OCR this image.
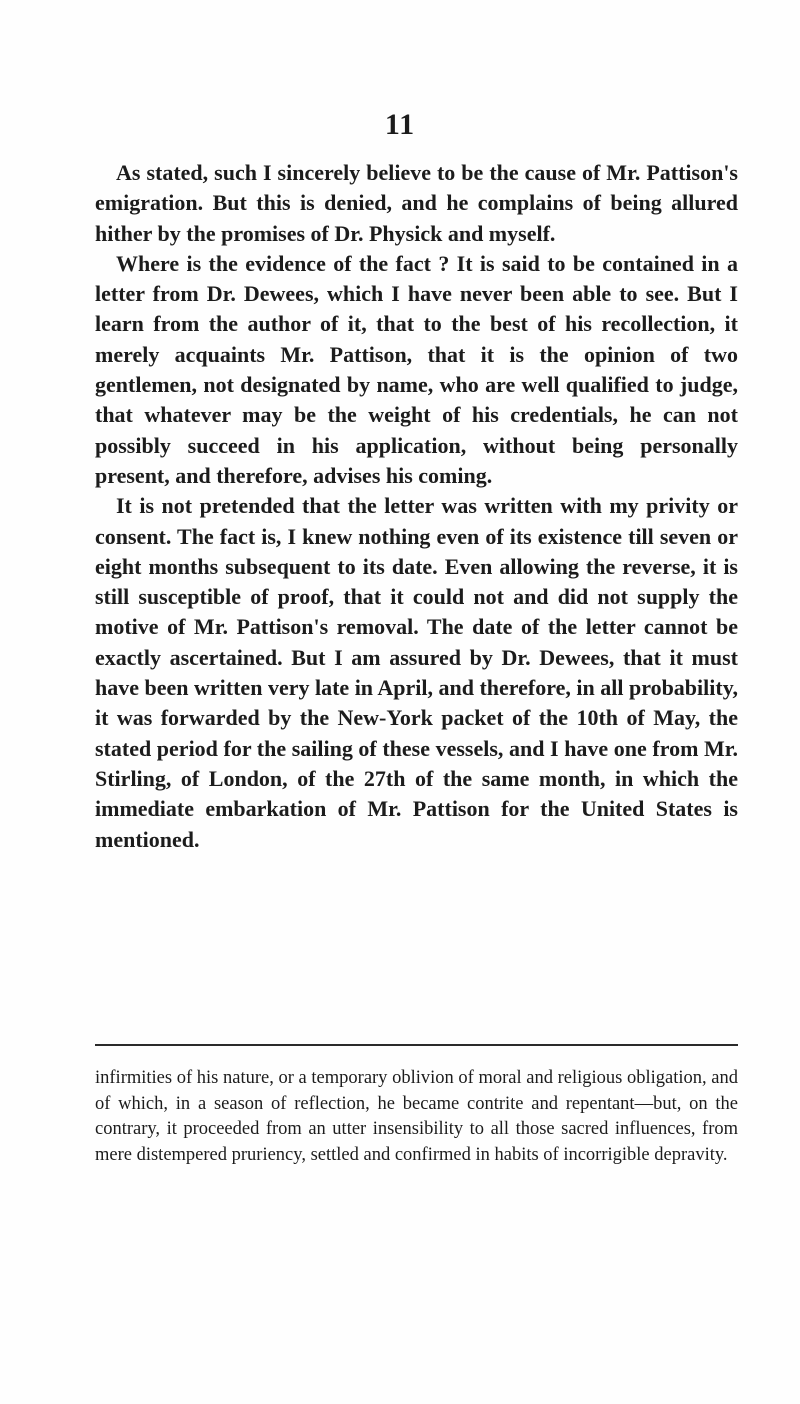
11

As stated, such I sincerely believe to be the cause of Mr. Pattison's emigration. But this is denied, and he complains of being allured hither by the promises of Dr. Physick and myself.

Where is the evidence of the fact ? It is said to be contained in a letter from Dr. Dewees, which I have never been able to see. But I learn from the author of it, that to the best of his recollection, it merely acquaints Mr. Pattison, that it is the opinion of two gentlemen, not designated by name, who are well qualified to judge, that whatever may be the weight of his credentials, he can not possibly succeed in his application, without being personally present, and therefore, advises his coming.

It is not pretended that the letter was written with my privity or consent. The fact is, I knew nothing even of its existence till seven or eight months subsequent to its date. Even allowing the reverse, it is still susceptible of proof, that it could not and did not supply the motive of Mr. Pattison's removal. The date of the letter cannot be exactly ascertained. But I am assured by Dr. Dewees, that it must have been written very late in April, and therefore, in all probability, it was forwarded by the New-York packet of the 10th of May, the stated period for the sailing of these vessels, and I have one from Mr. Stirling, of London, of the 27th of the same month, in which the immediate embarkation of Mr. Pattison for the United States is mentioned.

infirmities of his nature, or a temporary oblivion of moral and religious obligation, and of which, in a season of reflection, he became contrite and repentant—but, on the contrary, it proceeded from an utter insensibility to all those sacred influences, from mere distempered pruriency, settled and confirmed in habits of incorrigible depravity.
